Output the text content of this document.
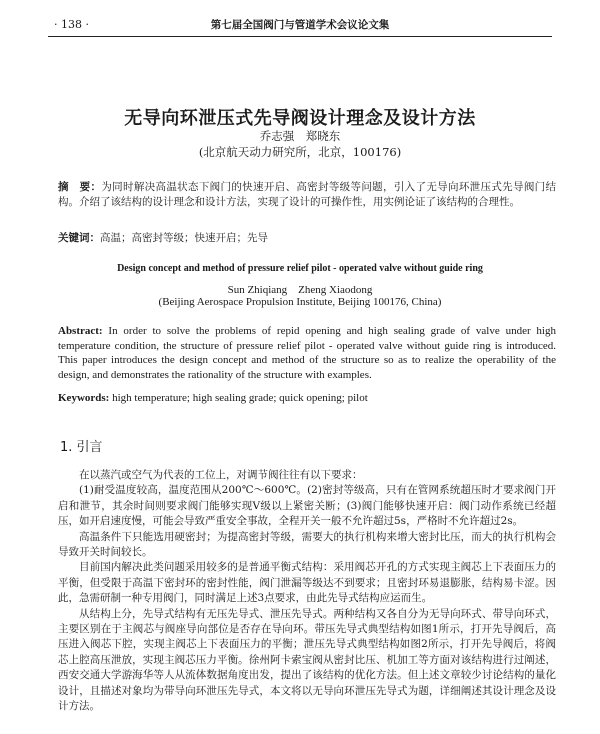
· 138 ·	第七届全国阀门与管道学术会议论文集
无导向环泄压式先导阀设计理念及设计方法
乔志强　郑晓东
(北京航天动力研究所，北京，100176)
摘　要：为同时解决高温状态下阀门的快速开启、高密封等级等问题，引入了无导向环泄压式先导阀门结构。介绍了该结构的设计理念和设计方法，实现了设计的可操作性，用实例论证了该结构的合理性。
关键词：高温；高密封等级；快速开启；先导
Design concept and method of pressure relief pilot - operated valve without guide ring
Sun Zhiqiang　Zheng Xiaodong
(Beijing Aerospace Propulsion Institute, Beijing 100176, China)
Abstract: In order to solve the problems of repid opening and high sealing grade of valve under high temperature condition, the structure of pressure relief pilot - operated valve without guide ring is introduced. This paper introduces the design concept and method of the structure so as to realize the operability of the design, and demonstrates the rationality of the structure with examples.
Keywords: high temperature; high sealing grade; quick opening; pilot
1. 引言

在以蒸汽或空气为代表的工位上，对调节阀往往有以下要求：

(1)耐受温度较高，温度范围从200℃～600℃。(2)密封等级高，只有在管网系统超压时才要求阀门开启和泄节，其余时间则要求阀门能够实现Ⅴ级以上紧密关断；(3)阀门能够快速开启：阀门动作系统已经超压，如开启速度慢，可能会导致严重安全事故，全程开关一般不允许超过5s，严格时不允许超过2s。

高温条件下只能选用硬密封；为提高密封等级，需要大的执行机构来增大密封比压，而大的执行机构会导致开关时间较长。

目前国内解决此类问题采用较多的是普通平衡式结构：采用阀芯开孔的方式实现主阀芯上下表面压力的平衡，但受限于高温下密封环的密封性能，阀门泄漏等级达不到要求；且密封环易退膨胀，结构易卡涩。因此，急需研制一种专用阀门，同时满足上述3点要求，由此先导式结构应运而生。

从结构上分，先导式结构有无压先导式、泄压先导式。两种结构又各自分为无导向环式、带导向环式，主要区别在于主阀芯与阀座导向部位是否存在导向环。带压先导式典型结构如图1所示，打开先导阀后，高压进入阀芯下腔，实现主阀芯上下表面压力的平衡；泄压先导式典型结构如图2所示，打开先导阀后，将阀芯上腔高压泄放，实现主阀芯压力平衡。徐州阿卡索宝阀从密封比压、机加工等方面对该结构进行过阐述，西安交通大学游海华等人从流体数据角度出发，提出了该结构的优化方法。但上述文章较少讨论结构的量化设计，且描述对象均为带导向环泄压先导式，本文将以无导向环泄压先导式为题，详细阐述其设计理念及设计方法。
